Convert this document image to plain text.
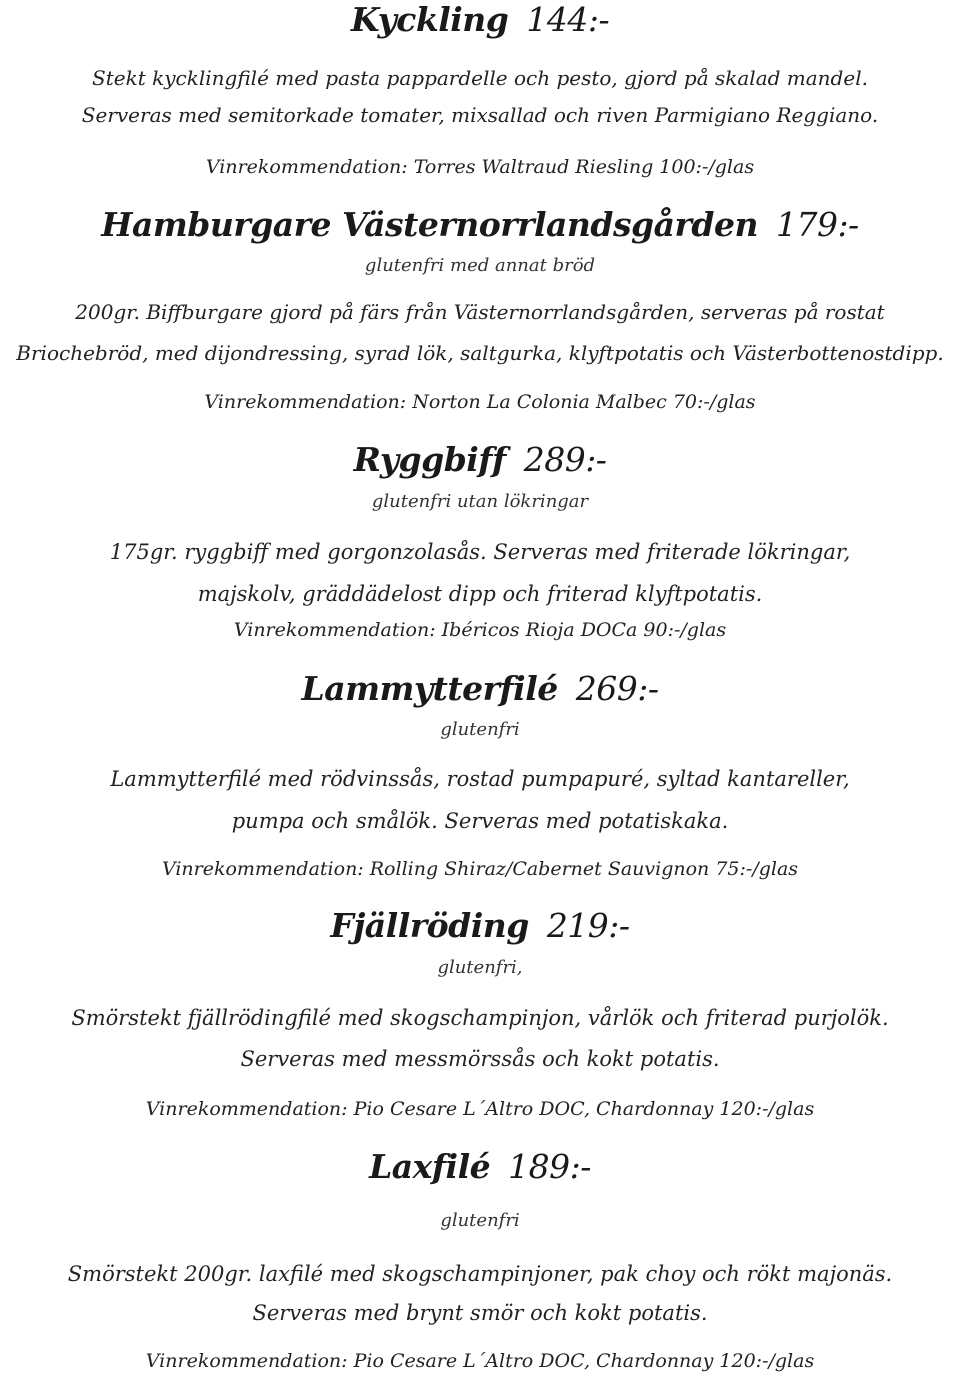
Kyckling 144:-
Stekt kycklingfilé med pasta pappardelle och pesto, gjord på skalad mandel.
Serveras med semitorkade tomater, mixsallad och riven Parmigiano Reggiano.
Vinrekommendation: Torres Waltraud Riesling 100:-/glas
Hamburgare Västernorrlandsgården 179:-
glutenfri med annat bröd
200gr. Biffburgare gjord på färs från Västernorrlandsgården, serveras på rostat
Briochebröd, med dijondressing, syrad lök, saltgurka, klyftpotatis och Västerbottenostdipp.
Vinrekommendation: Norton La Colonia Malbec 70:-/glas
Ryggbiff 289:-
glutenfri utan lökringar
175gr. ryggbiff med gorgonzolasås. Serveras med friterade lökringar,
majskolv, gräddädelost dipp och friterad klyftpotatis.
Vinrekommendation: Ibéricos Rioja DOCa 90:-/glas
Lammytterfilé 269:-
glutenfri
Lammytterfilé med rödvinssås, rostad pumpapuré, syltad kantareller,
pumpa och smålök. Serveras med potatiskaka.
Vinrekommendation: Rolling Shiraz/Cabernet Sauvignon 75:-/glas
Fjällröding 219:-
glutenfri,
Smörstekt fjällrödingfilé med skogschampinjon, vårlök och friterad purjolök.
Serveras med messmörssås och kokt potatis.
Vinrekommendation: Pio Cesare L´Altro DOC, Chardonnay 120:-/glas
Laxfilé 189:-
glutenfri
Smörstekt 200gr. laxfilé med skogschampinjoner, pak choy och rökt majonäs.
Serveras med brynt smör och kokt potatis.
Vinrekommendation: Pio Cesare L´Altro DOC, Chardonnay 120:-/glas
